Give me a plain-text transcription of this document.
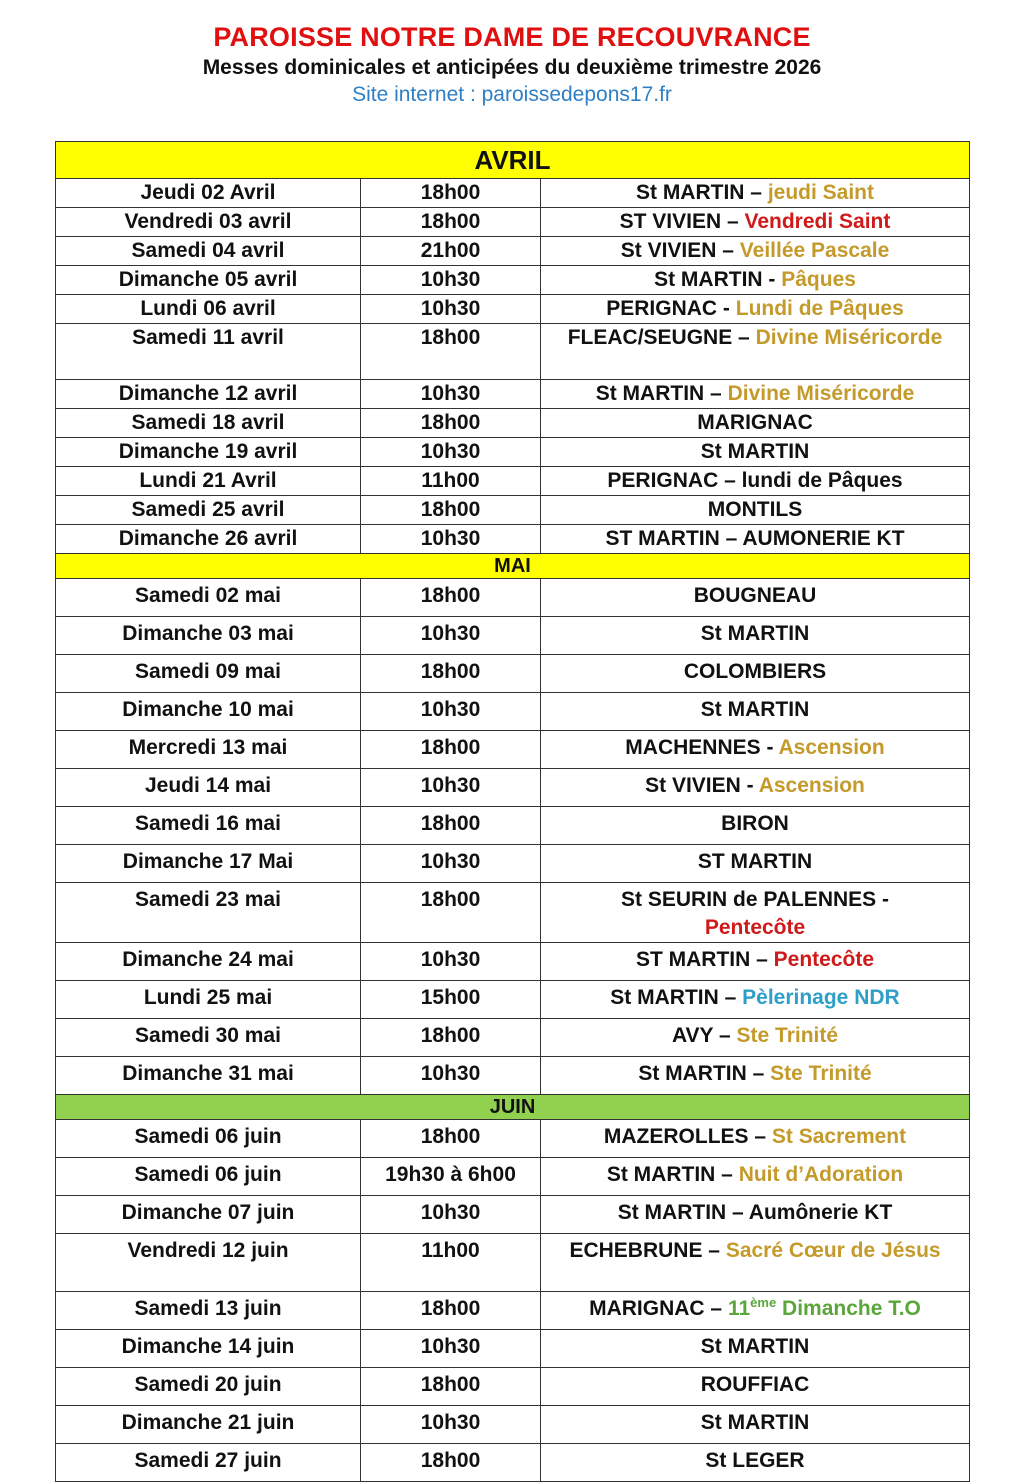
PAROISSE NOTRE DAME DE RECOUVRANCE
Messes dominicales et anticipées du deuxième trimestre 2026
Site internet : paroissedepons17.fr
AVRIL		
Jeudi 02 Avril	18h00	St MARTIN – jeudi Saint
Vendredi 03 avril	18h00	ST VIVIEN – Vendredi Saint
Samedi 04 avril	21h00	St VIVIEN – Veillée Pascale
Dimanche 05 avril	10h30	St MARTIN - Pâques
Lundi 06 avril	10h30	PERIGNAC - Lundi de Pâques
Samedi 11 avril	18h00	FLEAC/SEUGNE – Divine Miséricorde
Dimanche 12 avril	10h30	St MARTIN – Divine Miséricorde
Samedi 18 avril	18h00	MARIGNAC
Dimanche 19 avril	10h30	St MARTIN
Lundi 21 Avril	11h00	PERIGNAC – lundi de Pâques
Samedi 25 avril	18h00	MONTILS
Dimanche 26 avril	10h30	ST MARTIN – AUMONERIE KT
MAI		
Samedi 02 mai	18h00	BOUGNEAU
Dimanche 03 mai	10h30	St MARTIN
Samedi 09 mai	18h00	COLOMBIERS
Dimanche 10 mai	10h30	St MARTIN
Mercredi 13 mai	18h00	MACHENNES - Ascension
Jeudi 14 mai	10h30	St VIVIEN - Ascension
Samedi 16 mai	18h00	BIRON
Dimanche 17 Mai	10h30	ST MARTIN
Samedi 23 mai	18h00	St SEURIN de PALENNES -
Pentecôte
Dimanche 24 mai	10h30	ST MARTIN – Pentecôte
Lundi 25 mai	15h00	St MARTIN – Pèlerinage NDR
Samedi 30 mai	18h00	AVY – Ste Trinité
Dimanche 31 mai	10h30	St MARTIN – Ste Trinité
JUIN		
Samedi 06 juin	18h00	MAZEROLLES – St Sacrement
Samedi 06 juin	19h30 à 6h00	St MARTIN – Nuit d’Adoration
Dimanche 07 juin	10h30	St MARTIN – Aumônerie KT
Vendredi 12 juin	11h00	ECHEBRUNE – Sacré Cœur de Jésus
Samedi 13 juin	18h00	MARIGNAC – 11ème Dimanche T.O
Dimanche 14 juin	10h30	St MARTIN
Samedi 20 juin	18h00	ROUFFIAC
Dimanche 21 juin	10h30	St MARTIN
Samedi 27 juin	18h00	St LEGER
